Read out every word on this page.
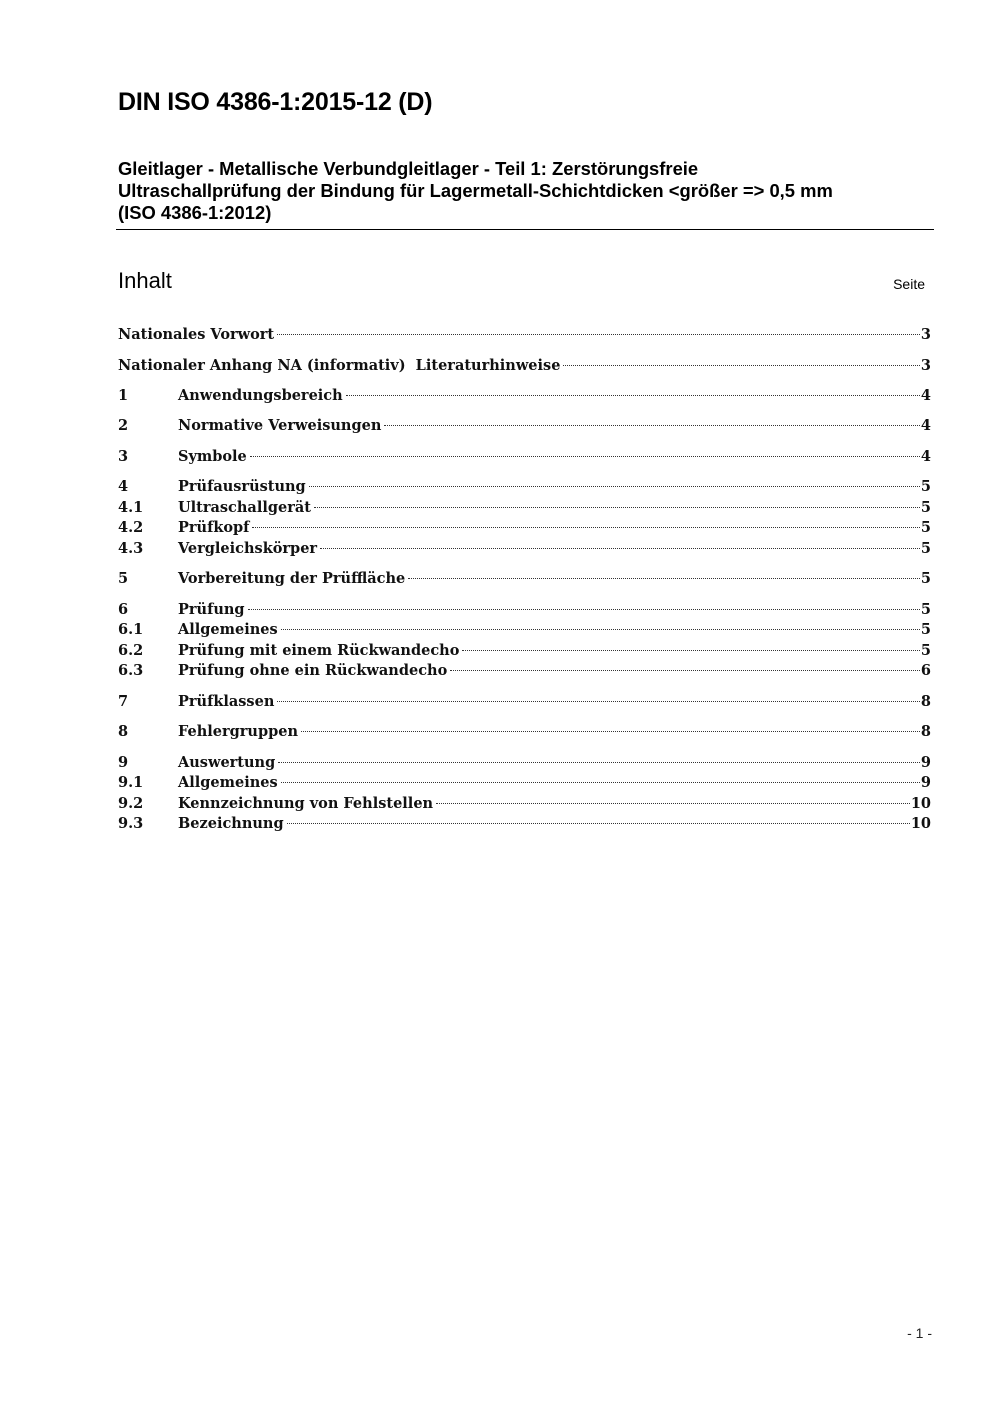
DIN ISO 4386-1:2015-12 (D)
Gleitlager - Metallische Verbundgleitlager - Teil 1: Zerstörungsfreie
Ultraschallprüfung der Bindung für Lagermetall-Schichtdicken <größer => 0,5 mm
(ISO 4386-1:2012)
Inhalt	Seite
Nationales Vorwort	3
Nationaler Anhang NA (informativ)  Literaturhinweise	3
1	Anwendungsbereich	4
2	Normative Verweisungen	4
3	Symbole	4
4	Prüfausrüstung	5
4.1	Ultraschallgerät	5
4.2	Prüfkopf	5
4.3	Vergleichskörper	5
5	Vorbereitung der Prüffläche	5
6	Prüfung	5
6.1	Allgemeines	5
6.2	Prüfung mit einem Rückwandecho	5
6.3	Prüfung ohne ein Rückwandecho	6
7	Prüfklassen	8
8	Fehlergruppen	8
9	Auswertung	9
9.1	Allgemeines	9
9.2	Kennzeichnung von Fehlstellen	10
9.3	Bezeichnung	10
- 1 -
